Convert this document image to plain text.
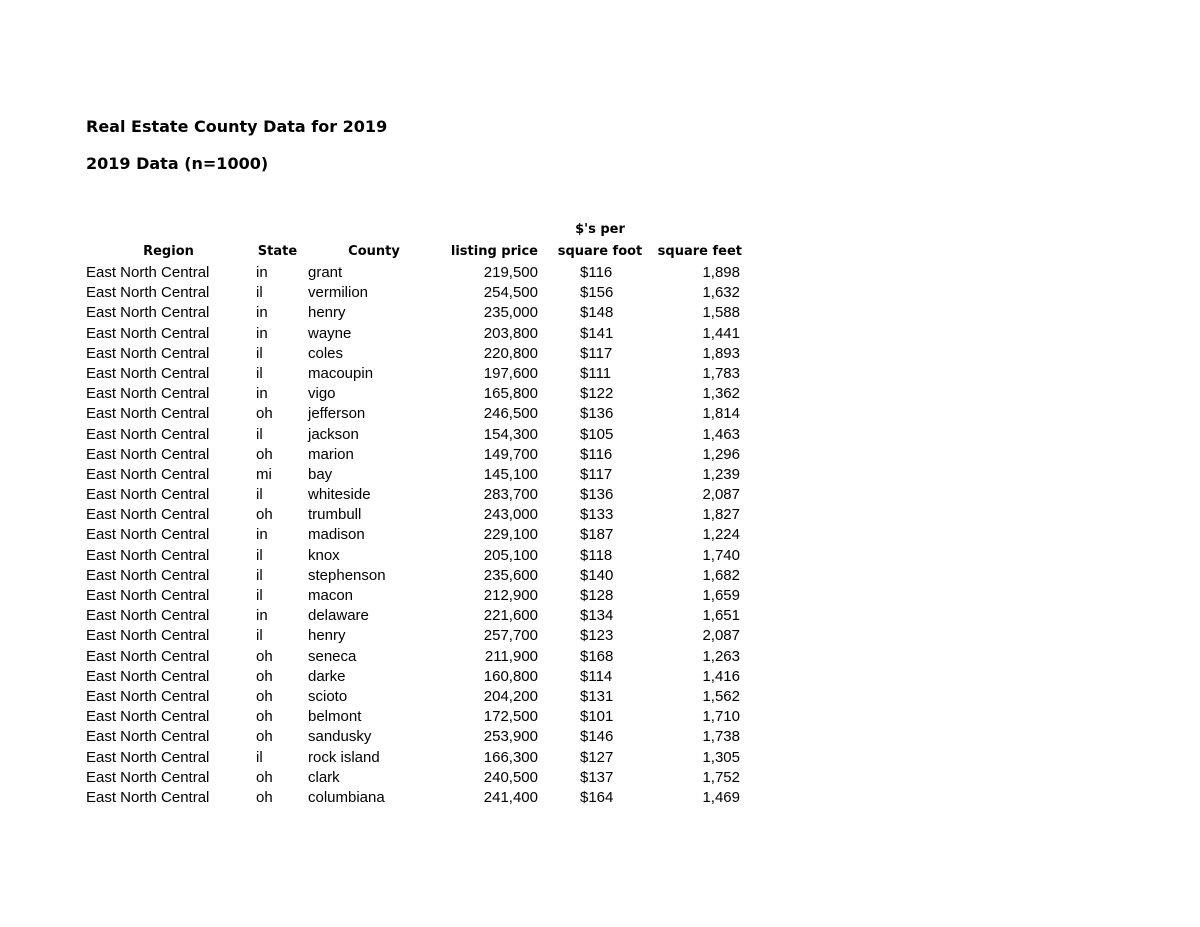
Real Estate County Data for 2019
2019 Data (n=1000)
$'s per
Region	State	County	listing price	square foot	square feet
East North Central	in	grant	219,500	$116	1,898
East North Central	il	vermilion	254,500	$156	1,632
East North Central	in	henry	235,000	$148	1,588
East North Central	in	wayne	203,800	$141	1,441
East North Central	il	coles	220,800	$117	1,893
East North Central	il	macoupin	197,600	$111	1,783
East North Central	in	vigo	165,800	$122	1,362
East North Central	oh jefferson	246,500	$136	1,814
East North Central	il	jackson	154,300	$105	1,463
East North Central	oh marion	149,700	$116	1,296
East North Central	mi bay	145,100	$117	1,239
East North Central	il	whiteside	283,700	$136	2,087
East North Central	oh trumbull	243,000	$133	1,827
East North Central	in	madison	229,100	$187	1,224
East North Central	il	knox	205,100	$118	1,740
East North Central	il	stephenson	235,600	$140	1,682
East North Central	il	macon	212,900	$128	1,659
East North Central	in	delaware	221,600	$134	1,651
East North Central	il	henry	257,700	$123	2,087
East North Central	oh seneca	211,900	$168	1,263
East North Central	oh darke	160,800	$114	1,416
East North Central	oh scioto	204,200	$131	1,562
East North Central	oh belmont	172,500	$101	1,710
East North Central	oh sandusky	253,900	$146	1,738
East North Central	il	rock island	166,300	$127	1,305
East North Central	oh clark	240,500	$137	1,752
East North Central	oh columbiana	241,400	$164	1,469
